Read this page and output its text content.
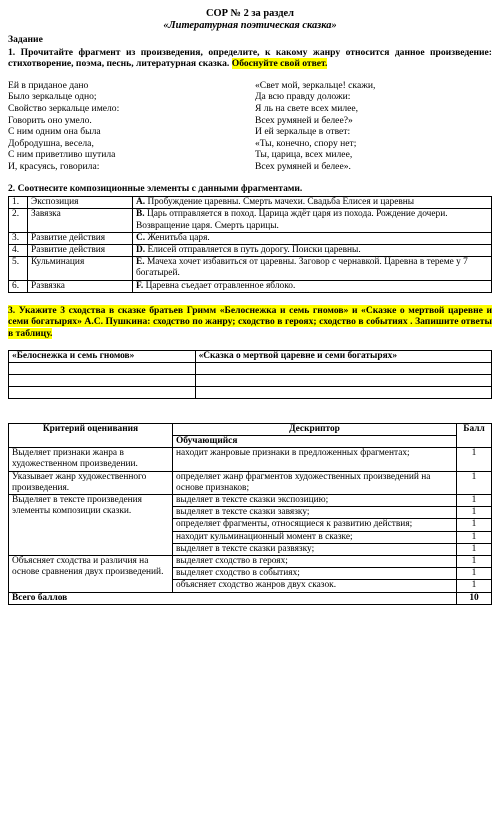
СОР № 2 за раздел
«Литературная поэтическая сказка»
Задание
1. Прочитайте фрагмент из произведения, определите, к какому жанру относится данное произведение: стихотворение, поэма, песнь, литературная сказка. Обоснуйте свой ответ.
Ей в приданое дано
Было зеркальце одно;
Свойство зеркальце имело:
Говорить оно умело.
С ним одним она была
Добродушна, весела,
С ним приветливо шутила
И, красуясь, говорила:
«Свет мой, зеркальце! скажи,
Да всю правду доложи:
Я ль на свете всех милее,
Всех румяней и белее?»
И ей зеркальце в ответ:
«Ты, конечно, спору нет;
Ты, царица, всех милее,
Всех румяней и белее».
2. Соотнесите композиционные элементы с данными фрагментами.
1.	Экспозиция	A. Пробуждение царевны. Смерть мачехи. Свадьба Елисея и царевны
2.	Завязка	B. Царь отправляется в поход. Царица ждёт царя из похода. Рождение дочери. Возвращение царя. Смерть царицы.
3.	Развитие действия	C. Женитьба царя.
4.	Развитие действия	D. Елисей отправляется в путь дорогу. Поиски царевны.
5.	Кульминация	E. Мачеха хочет избавиться от царевны. Заговор с чернавкой. Царевна в тереме у 7 богатырей.
6.	Развязка	F. Царевна съедает отравленное яблоко.
3. Укажите 3 сходства в сказке братьев Гримм «Белоснежка и семь гномов» и «Сказке о мертвой царевне и семи богатырях» А.С. Пушкина: сходство по жанру; сходство в героях; сходство в событиях . Запишите ответы в таблицу.
«Белоснежка и семь гномов»	«Сказка о мертвой царевне и семи богатырях»

Критерий оценивания	Дескриптор	Балл
	Обучающийся	
Выделяет признаки жанра в художественном произведении.	находит жанровые признаки в предложенных фрагментах;	1
Указывает жанр художественного произведения.	определяет жанр фрагментов художественных произведений на основе признаков;	1
Выделяет в тексте произведения элементы композиции сказки.	выделяет в тексте сказки экспозицию;	1
	выделяет в тексте сказки завязку;	1
	определяет фрагменты, относящиеся к развитию действия;	1
	находит кульминационный момент в сказке;	1
	выделяет в тексте сказки развязку;	1
Объясняет сходства и различия на основе сравнения двух произведений.	выделяет сходство в героях;	1
	выделяет сходство в событиях;	1
	объясняет сходство жанров двух сказок.	1
Всего баллов		10
